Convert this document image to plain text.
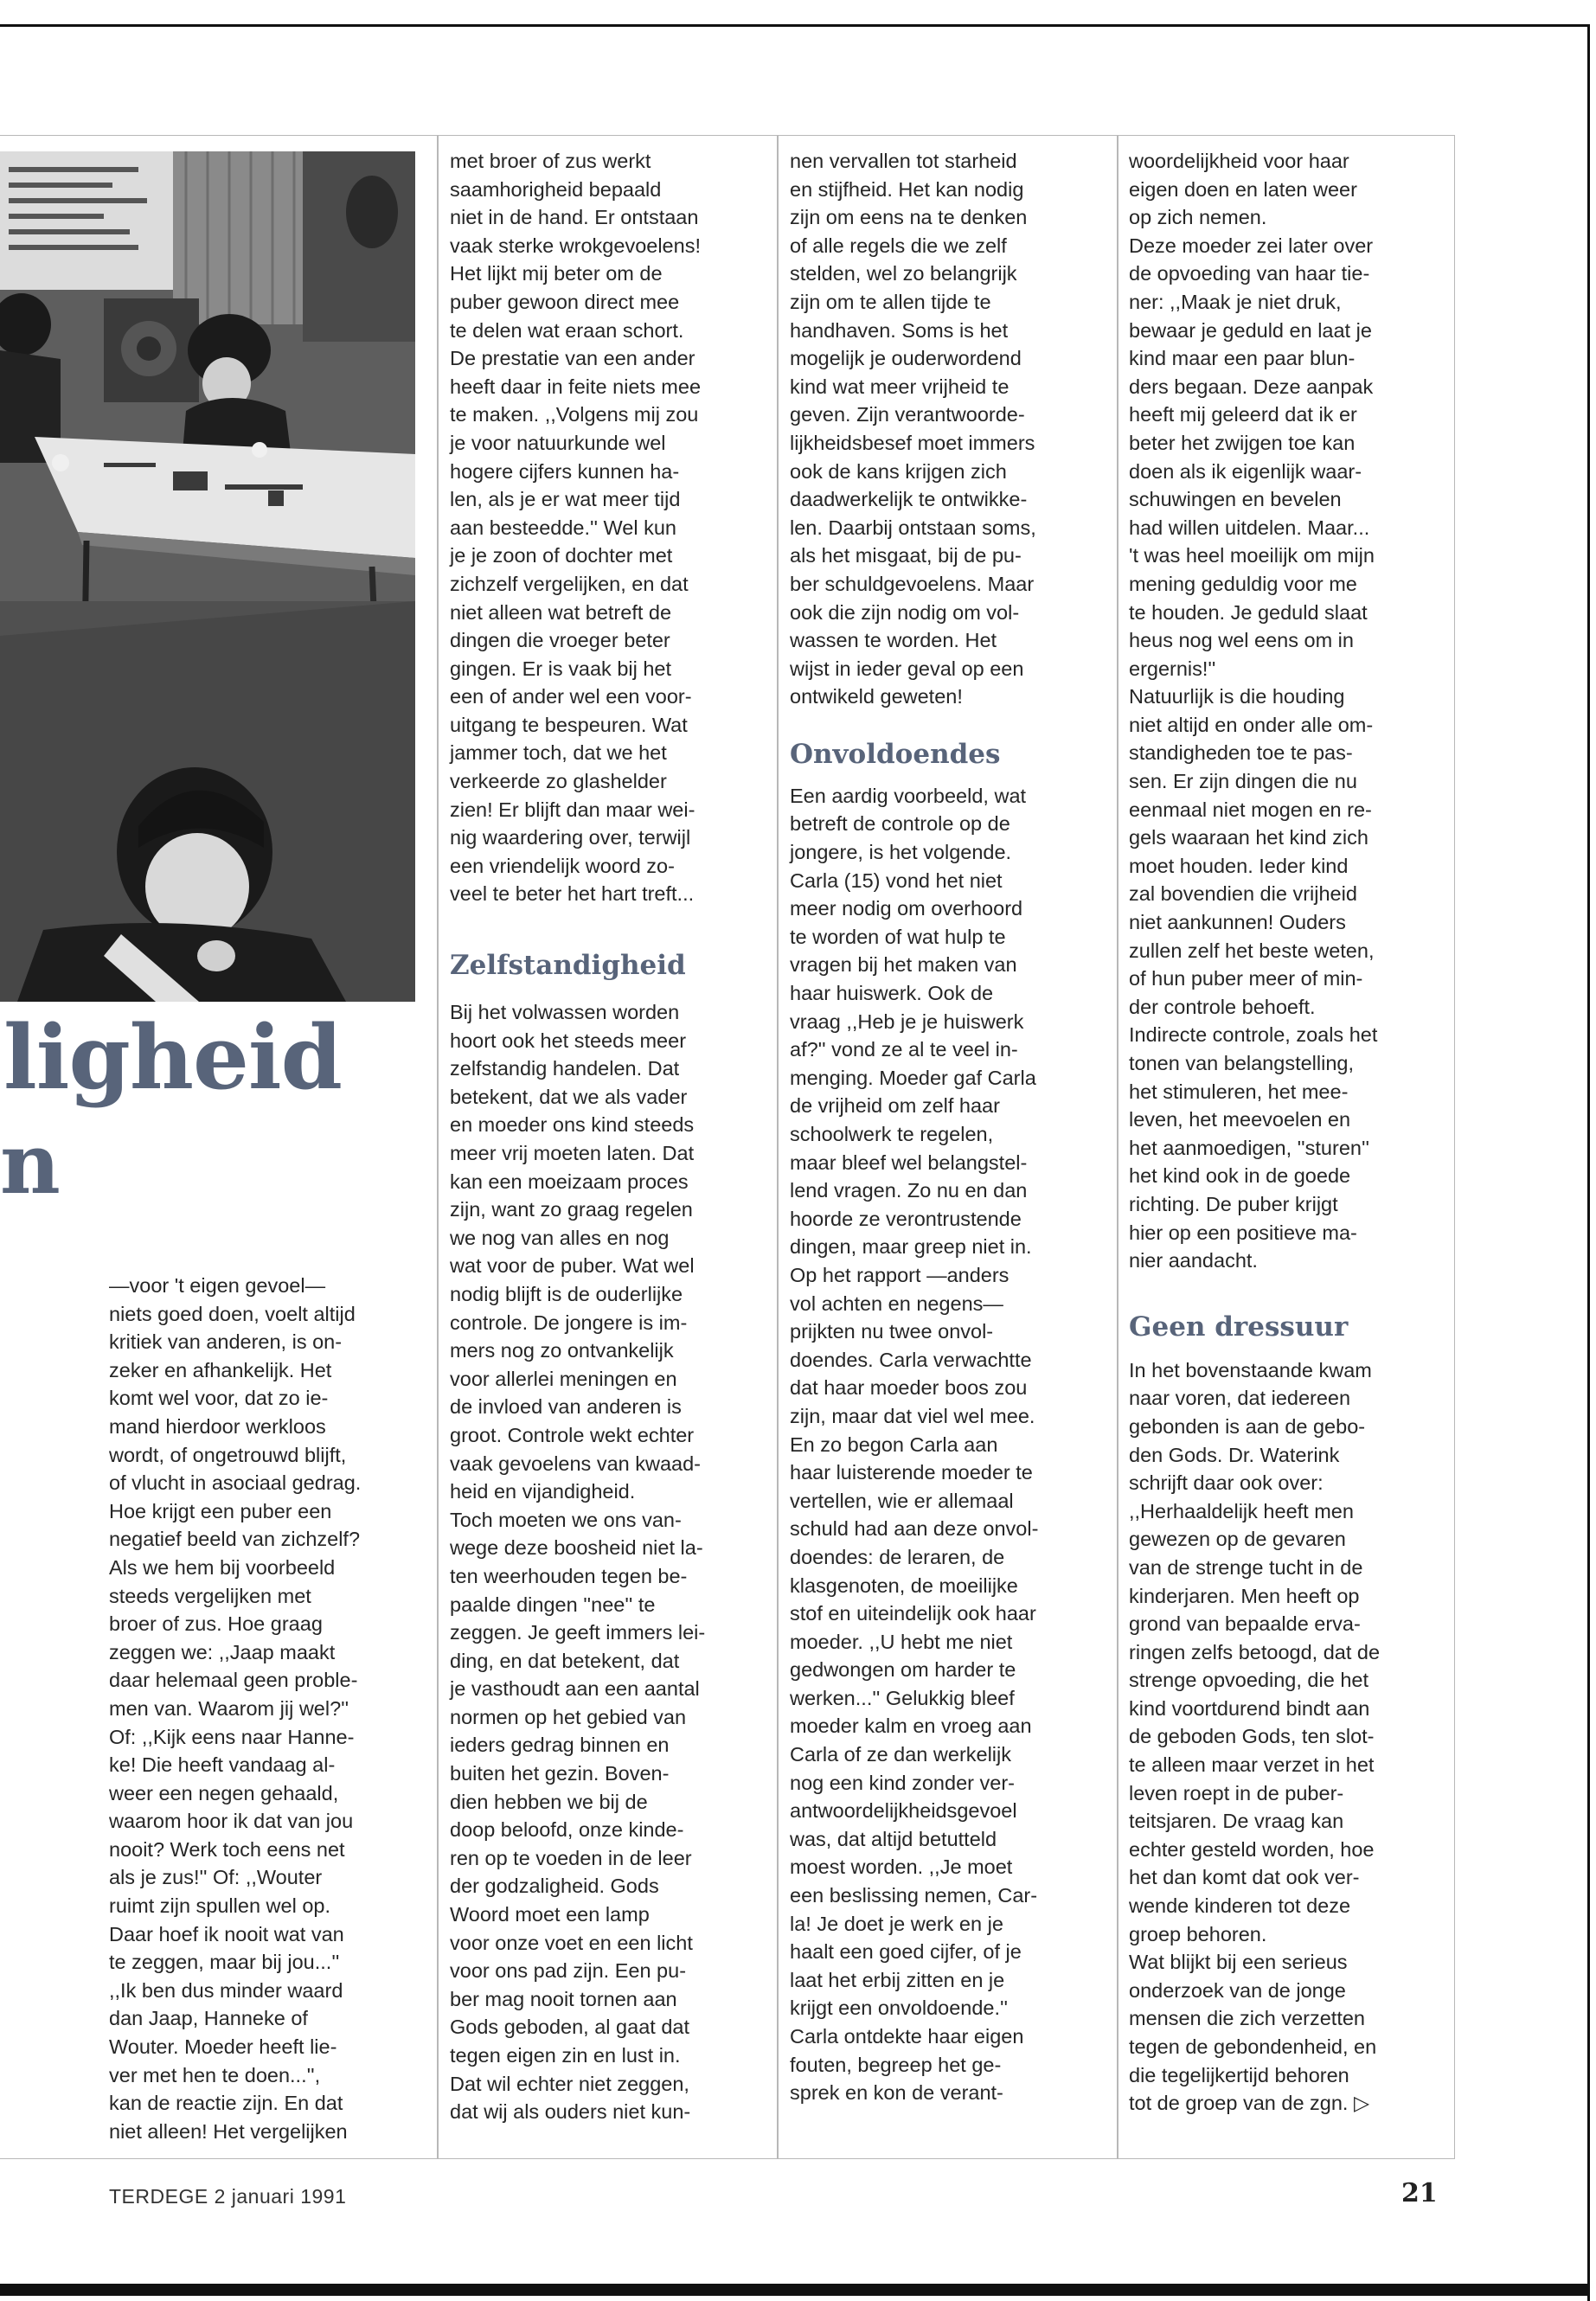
ligheid
n

—voor 't eigen gevoel—
niets goed doen, voelt altijd
kritiek van anderen, is on-
zeker en afhankelijk. Het
komt wel voor, dat zo ie-
mand hierdoor werkloos
wordt, of ongetrouwd blijft,
of vlucht in asociaal gedrag.
Hoe krijgt een puber een
negatief beeld van zichzelf?
Als we hem bij voorbeeld
steeds vergelijken met
broer of zus. Hoe graag
zeggen we: ,,Jaap maakt
daar helemaal geen proble-
men van. Waarom jij wel?''
Of: ,,Kijk eens naar Hanne-
ke! Die heeft vandaag al-
weer een negen gehaald,
waarom hoor ik dat van jou
nooit? Werk toch eens net
als je zus!'' Of: ,,Wouter
ruimt zijn spullen wel op.
Daar hoef ik nooit wat van
te zeggen, maar bij jou...''
,,Ik ben dus minder waard
dan Jaap, Hanneke of
Wouter. Moeder heeft lie-
ver met hen te doen...'',
kan de reactie zijn. En dat
niet alleen! Het vergelijken

met broer of zus werkt
saamhorigheid bepaald
niet in de hand. Er ontstaan
vaak sterke wrokgevoelens!
Het lijkt mij beter om de
puber gewoon direct mee
te delen wat eraan schort.
De prestatie van een ander
heeft daar in feite niets mee
te maken. ,,Volgens mij zou
je voor natuurkunde wel
hogere cijfers kunnen ha-
len, als je er wat meer tijd
aan besteedde.'' Wel kun
je je zoon of dochter met
zichzelf vergelijken, en dat
niet alleen wat betreft de
dingen die vroeger beter
gingen. Er is vaak bij het
een of ander wel een voor-
uitgang te bespeuren. Wat
jammer toch, dat we het
verkeerde zo glashelder
zien! Er blijft dan maar wei-
nig waardering over, terwijl
een vriendelijk woord zo-
veel te beter het hart treft...

Zelfstandigheid

Bij het volwassen worden
hoort ook het steeds meer
zelfstandig handelen. Dat
betekent, dat we als vader
en moeder ons kind steeds
meer vrij moeten laten. Dat
kan een moeizaam proces
zijn, want zo graag regelen
we nog van alles en nog
wat voor de puber. Wat wel
nodig blijft is de ouderlijke
controle. De jongere is im-
mers nog zo ontvankelijk
voor allerlei meningen en
de invloed van anderen is
groot. Controle wekt echter
vaak gevoelens van kwaad-
heid en vijandigheid.
Toch moeten we ons van-
wege deze boosheid niet la-
ten weerhouden tegen be-
paalde dingen ''nee'' te
zeggen. Je geeft immers lei-
ding, en dat betekent, dat
je vasthoudt aan een aantal
normen op het gebied van
ieders gedrag binnen en
buiten het gezin. Boven-
dien hebben we bij de
doop beloofd, onze kinde-
ren op te voeden in de leer
der godzaligheid. Gods
Woord moet een lamp
voor onze voet en een licht
voor ons pad zijn. Een pu-
ber mag nooit tornen aan
Gods geboden, al gaat dat
tegen eigen zin en lust in.
Dat wil echter niet zeggen,
dat wij als ouders niet kun-

nen vervallen tot starheid
en stijfheid. Het kan nodig
zijn om eens na te denken
of alle regels die we zelf
stelden, wel zo belangrijk
zijn om te allen tijde te
handhaven. Soms is het
mogelijk je ouderwordend
kind wat meer vrijheid te
geven. Zijn verantwoorde-
lijkheidsbesef moet immers
ook de kans krijgen zich
daadwerkelijk te ontwikke-
len. Daarbij ontstaan soms,
als het misgaat, bij de pu-
ber schuldgevoelens. Maar
ook die zijn nodig om vol-
wassen te worden. Het
wijst in ieder geval op een
ontwikeld geweten!

Onvoldoendes

Een aardig voorbeeld, wat
betreft de controle op de
jongere, is het volgende.
Carla (15) vond het niet
meer nodig om overhoord
te worden of wat hulp te
vragen bij het maken van
haar huiswerk. Ook de
vraag ,,Heb je je huiswerk
af?'' vond ze al te veel in-
menging. Moeder gaf Carla
de vrijheid om zelf haar
schoolwerk te regelen,
maar bleef wel belangstel-
lend vragen. Zo nu en dan
hoorde ze verontrustende
dingen, maar greep niet in.
Op het rapport —anders
vol achten en negens—
prijkten nu twee onvol-
doendes. Carla verwachtte
dat haar moeder boos zou
zijn, maar dat viel wel mee.
En zo begon Carla aan
haar luisterende moeder te
vertellen, wie er allemaal
schuld had aan deze onvol-
doendes: de leraren, de
klasgenoten, de moeilijke
stof en uiteindelijk ook haar
moeder. ,,U hebt me niet
gedwongen om harder te
werken...'' Gelukkig bleef
moeder kalm en vroeg aan
Carla of ze dan werkelijk
nog een kind zonder ver-
antwoordelijkheidsgevoel
was, dat altijd betutteld
moest worden. ,,Je moet
een beslissing nemen, Car-
la! Je doet je werk en je
haalt een goed cijfer, of je
laat het erbij zitten en je
krijgt een onvoldoende.''
Carla ontdekte haar eigen
fouten, begreep het ge-
sprek en kon de verant-

woordelijkheid voor haar
eigen doen en laten weer
op zich nemen.
Deze moeder zei later over
de opvoeding van haar tie-
ner: ,,Maak je niet druk,
bewaar je geduld en laat je
kind maar een paar blun-
ders begaan. Deze aanpak
heeft mij geleerd dat ik er
beter het zwijgen toe kan
doen als ik eigenlijk waar-
schuwingen en bevelen
had willen uitdelen. Maar...
't was heel moeilijk om mijn
mening geduldig voor me
te houden. Je geduld slaat
heus nog wel eens om in
ergernis!''
Natuurlijk is die houding
niet altijd en onder alle om-
standigheden toe te pas-
sen. Er zijn dingen die nu
eenmaal niet mogen en re-
gels waaraan het kind zich
moet houden. Ieder kind
zal bovendien die vrijheid
niet aankunnen! Ouders
zullen zelf het beste weten,
of hun puber meer of min-
der controle behoeft.
Indirecte controle, zoals het
tonen van belangstelling,
het stimuleren, het mee-
leven, het meevoelen en
het aanmoedigen, ''sturen''
het kind ook in de goede
richting. De puber krijgt
hier op een positieve ma-
nier aandacht.

Geen dressuur

In het bovenstaande kwam
naar voren, dat iedereen
gebonden is aan de gebo-
den Gods. Dr. Waterink
schrijft daar ook over:
,,Herhaaldelijk heeft men
gewezen op de gevaren
van de strenge tucht in de
kinderjaren. Men heeft op
grond van bepaalde erva-
ringen zelfs betoogd, dat de
strenge opvoeding, die het
kind voortdurend bindt aan
de geboden Gods, ten slot-
te alleen maar verzet in het
leven roept in de puber-
teitsjaren. De vraag kan
echter gesteld worden, hoe
het dan komt dat ook ver-
wende kinderen tot deze
groep behoren.
Wat blijkt bij een serieus
onderzoek van de jonge
mensen die zich verzetten
tegen de gebondenheid, en
die tegelijkertijd behoren
tot de groep van de zgn. ▷

TERDEGE 2 januari 1991	21
